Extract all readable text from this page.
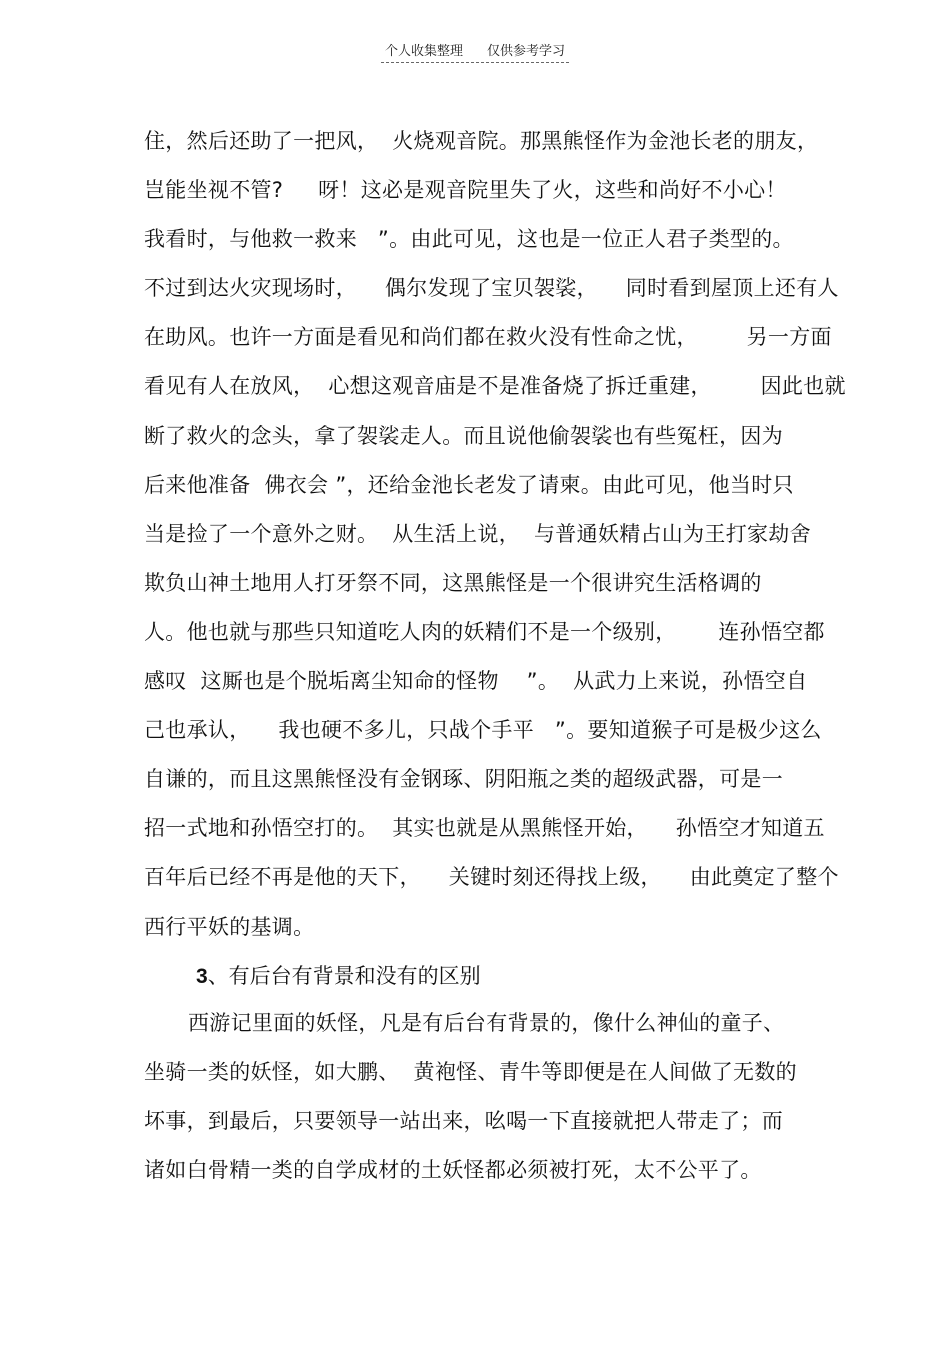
个人收集整理 仅供参考学习
住，然后还助了一把风，  火烧观音院。那黑熊怪作为金池长老的朋友，
岂能坐视不管?     呀！这必是观音院里失了火，这些和尚好不小心！
我看时，与他救一救来   ”。由此可见，这也是一位正人君子类型的。
不过到达火灾现场时，    偶尔发现了宝贝袈裟，    同时看到屋顶上还有人
在助风。也许一方面是看见和尚们都在救火没有性命之忧，       另一方面
看见有人在放风，  心想这观音庙是不是准备烧了拆迁重建，       因此也就
断了救火的念头，拿了袈裟走人。而且说他偷袈裟也有些冤枉，因为
后来他准备  佛衣会 ”，还给金池长老发了请柬。由此可见，他当时只
当是捡了一个意外之财。  从生活上说，  与普通妖精占山为王打家劫舍
欺负山神土地用人打牙祭不同，这黑熊怪是一个很讲究生活格调的
人。他也就与那些只知道吃人肉的妖精们不是一个级别，      连孙悟空都
感叹  这厮也是个脱垢离尘知命的怪物    ”。  从武力上来说，孙悟空自
己也承认，    我也硬不多儿，只战个手平   ”。要知道猴子可是极少这么
自谦的，而且这黑熊怪没有金钢琢、阴阳瓶之类的超级武器，可是一
招一式地和孙悟空打的。  其实也就是从黑熊怪开始，    孙悟空才知道五
百年后已经不再是他的天下，    关键时刻还得找上级，    由此奠定了整个
西行平妖的基调。
3、有后台有背景和没有的区别
西游记里面的妖怪，凡是有后台有背景的，像什么神仙的童子、
坐骑一类的妖怪，如大鹏、  黄袍怪、青牛等即便是在人间做了无数的
坏事，到最后，只要领导一站出来，吆喝一下直接就把人带走了；而
诸如白骨精一类的自学成材的土妖怪都必须被打死，太不公平了。
